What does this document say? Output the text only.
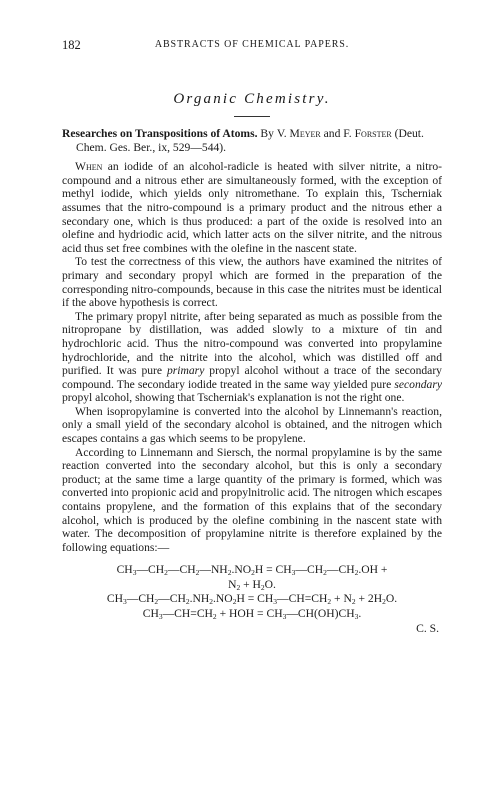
182	ABSTRACTS OF CHEMICAL PAPERS.
Organic Chemistry.
Researches on Transpositions of Atoms. By V. Meyer and F. Forster (Deut. Chem. Ges. Ber., ix, 529—544).

When an iodide of an alcohol-radicle is heated with silver nitrite, a nitro-compound and a nitrous ether are simultaneously formed, with the exception of methyl iodide, which yields only nitromethane. To explain this, Tscherniak assumes that the nitro-compound is a primary product and the nitrous ether a secondary one, which is thus produced: a part of the oxide is resolved into an olefine and hydriodic acid, which latter acts on the silver nitrite, and the nitrous acid thus set free combines with the olefine in the nascent state.

To test the correctness of this view, the authors have examined the nitrites of primary and secondary propyl which are formed in the preparation of the corresponding nitro-compounds, because in this case the nitrites must be identical if the above hypothesis is correct.

The primary propyl nitrite, after being separated as much as possible from the nitropropane by distillation, was added slowly to a mixture of tin and hydrochloric acid. Thus the nitro-compound was converted into propylamine hydrochloride, and the nitrite into the alcohol, which was distilled off and purified. It was pure primary propyl alcohol without a trace of the secondary compound. The secondary iodide treated in the same way yielded pure secondary propyl alcohol, showing that Tscherniak's explanation is not the right one.

When isopropylamine is converted into the alcohol by Linnemann's reaction, only a small yield of the secondary alcohol is obtained, and the nitrogen which escapes contains a gas which seems to be propylene.

According to Linnemann and Siersch, the normal propylamine is by the same reaction converted into the secondary alcohol, but this is only a secondary product; at the same time a large quantity of the primary is formed, which was converted into propionic acid and propylnitrolic acid. The nitrogen which escapes contains propylene, and the formation of this explains that of the secondary alcohol, which is produced by the olefine combining in the nascent state with water. The decomposition of propylamine nitrite is therefore explained by the following equations:—

$CH_3—CH_2—CH_2—NH_2.NO_2H$ = $CH_3—CH_2—CH_2.OH$ +
$N_2 + H_2O$.
$CH_3—CH_2—CH_2.NH_2.NO_2H$ = $CH_3—CH=CH_2 + N_2 + 2H_2O$.
$CH_3—CH=CH_2$ + HOH = $CH_3—CH(OH)CH_3$.
C. S.
